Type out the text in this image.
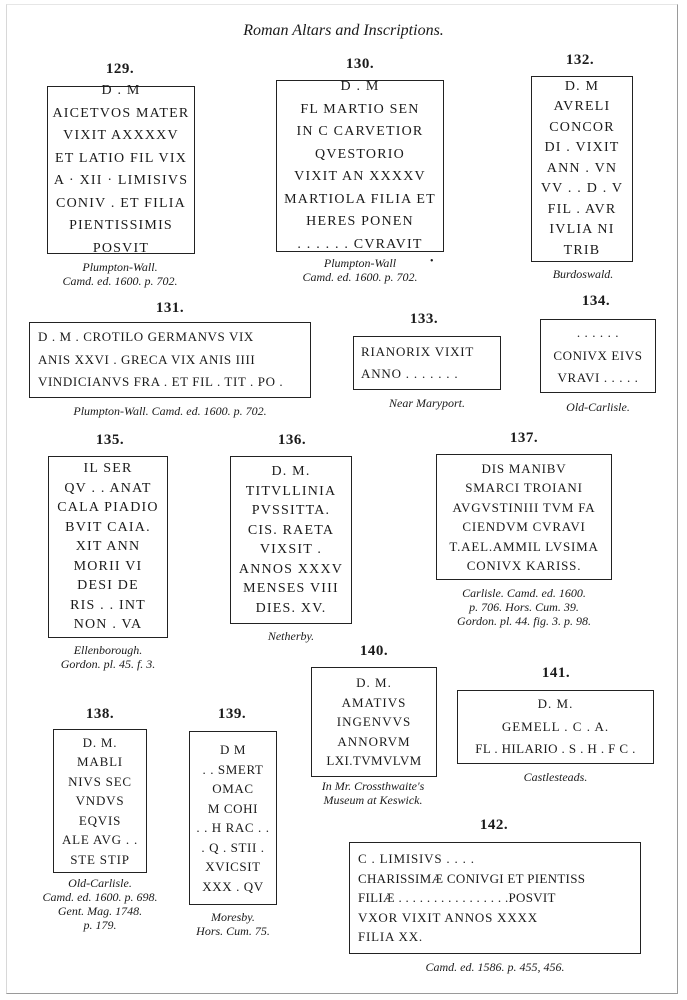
Roman Altars and Inscriptions.
129.
D . M
AICETVOS MATER
VIXIT AXXXXV
ET LATIO FIL VIX
A · XII · LIMISIVS
CONIV . ET FILIA
PIENTISSIMIS
POSVIT
Plumpton-Wall.
Camd. ed. 1600. p. 702.
130.
D . M
FL MARTIO SEN
IN C CARVETIOR
QVESTORIO
VIXIT AN XXXXV
MARTIOLA FILIA ET
HERES PONEN
. . . . . . CVRAVIT
Plumpton-Wall
Camd. ed. 1600. p. 702.
•
132.
D. M
AVRELI
CONCOR
DI . VIXIT
ANN . VN
VV . . D . V
FIL . AVR
IVLIA NI
TRIB
Burdoswald.
131.
D . M . CROTILO GERMANVS VIX
ANIS XXVI . GRECA VIX ANIS IIII
VINDICIANVS FRA . ET FIL . TIT . PO .
Plumpton-Wall. Camd. ed. 1600. p. 702.
133.
RIANORIX VIXIT
ANNO . . . . . . .
Near Maryport.
134.
. . . . . .
CONIVX EIVS
VRAVI . . . . .
Old-Carlisle.
135.
IL SER
QV . . ANAT
CALA PIADIO
BVIT CAIA.
XIT ANN
MORII VI
DESI DE
RIS . . INT
NON . VA
Ellenborough.
Gordon. pl. 45. f. 3.
136.
D. M.
TITVLLINIA
PVSSITTA.
CIS. RAETA
VIXSIT .
ANNOS XXXV
MENSES VIII
DIES. XV.
Netherby.
137.
DIS MANIBV
SMARCI TROIANI
AVGVSTINIII TVM FA
CIENDVM CVRAVI
T.AEL.AMMIL LVSIMA
CONIVX KARISS.
Carlisle. Camd. ed. 1600.
p. 706. Hors. Cum. 39.
Gordon. pl. 44. fig. 3. p. 98.
140.
D. M.
AMATIVS
INGENVVS
ANNORVM
LXI.TVMVLVM
In Mr. Crossthwaite's
Museum at Keswick.
141.
D. M.
GEMELL . C . A.
FL . HILARIO . S . H . F C .
Castlesteads.
138.
D. M.
MABLI
NIVS SEC
VNDVS
EQVIS
ALE AVG . .
STE STIP
Old-Carlisle.
Camd. ed. 1600. p. 698.
Gent. Mag. 1748.
p. 179.
139.
D M
. . SMERT
OMAC
M COHI
. . H RAC . .
. Q . STII .
XVICSIT
XXX . QV
Moresby.
Hors. Cum. 75.
142.
C . LIMISIVS . . . .
CHARISSIMÆ CONIVGI ET PIENTISS
FILIÆ . . . . . . . . . . . . . . . .POSVIT
VXOR VIXIT ANNOS XXXX
FILIA XX.
Camd. ed. 1586. p. 455, 456.
